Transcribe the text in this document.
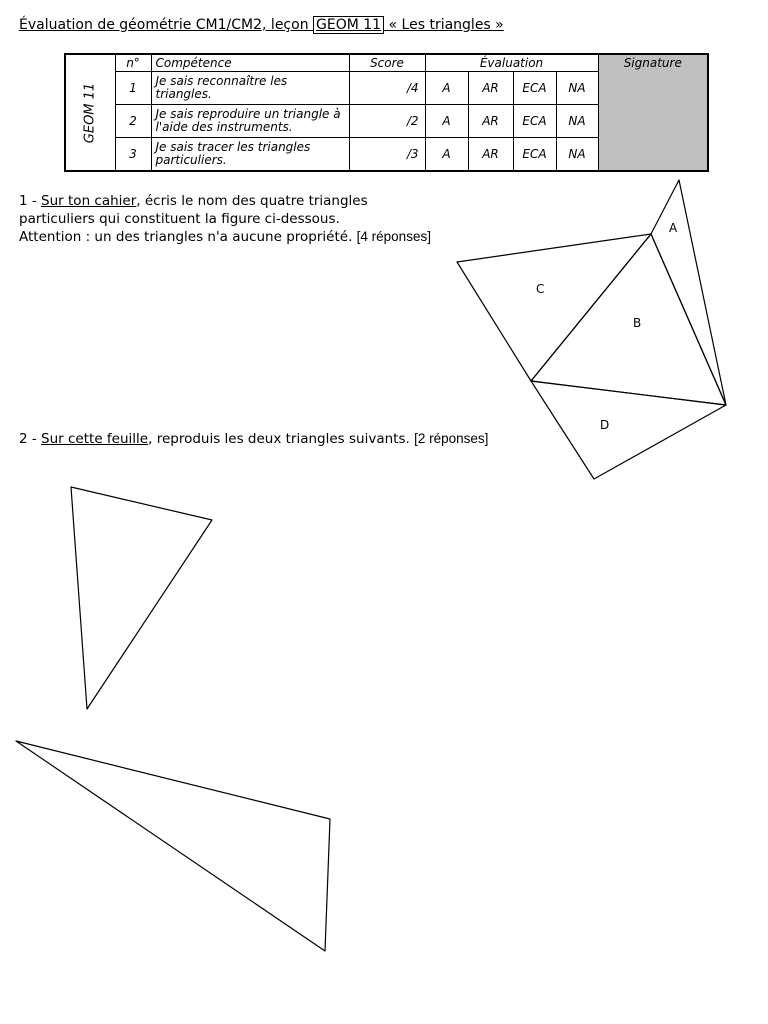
Évaluation de géométrie CM1/CM2, leçon GEOM 11 « Les triangles »
GEOM 11	n°	Compétence	Score	Évaluation				Signature
	1	Je sais reconnaître les triangles.	/4	A	AR	ECA	NA	
	2	Je sais reproduire un triangle à l'aide des instruments.	/2	A	AR	ECA	NA	
	3	Je sais tracer les triangles particuliers.	/3	A	AR	ECA	NA	
1 - Sur ton cahier, écris le nom des quatre triangles
particuliers qui constituent la figure ci-dessous.
Attention : un des triangles n'a aucune propriété. [4 réponses]
2 - Sur cette feuille, reproduis les deux triangles suivants. [2 réponses]
A
B
C
D
